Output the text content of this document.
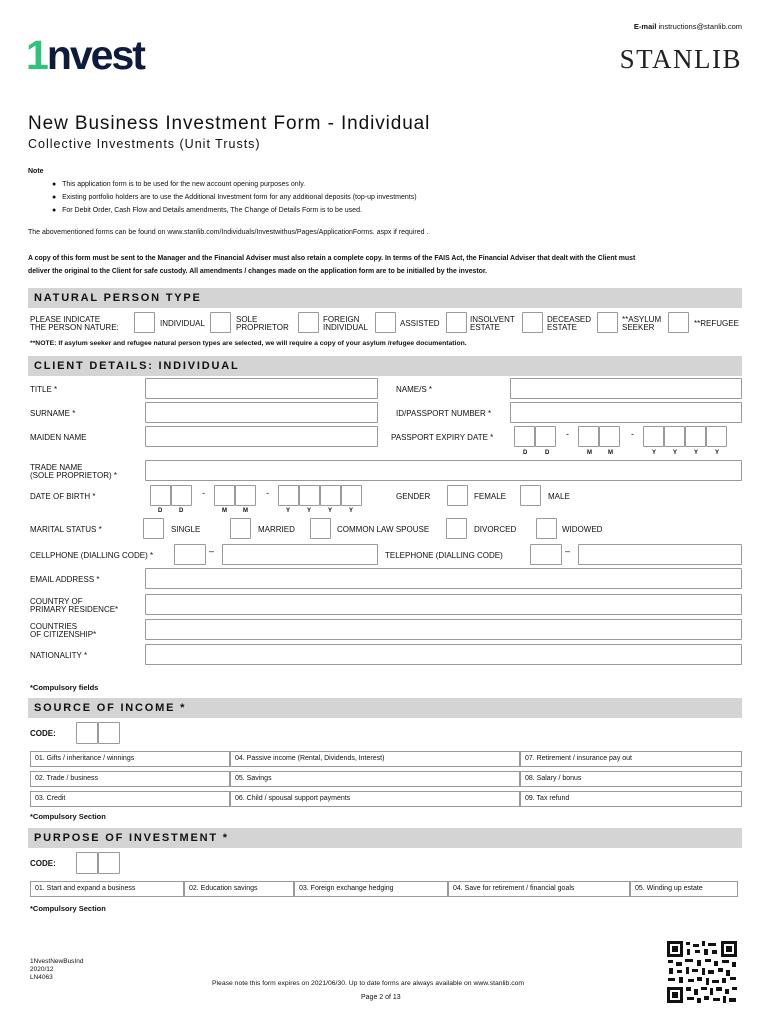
E-mail instructions@stanlib.com
1nvest	STANLIB
New Business Investment Form - Individual
Collective Investments (Unit Trusts)
Note
●   This application form is to be used for the new account opening purposes only.
●   Existing portfolio holders are to use the Additional Investment form for any additional deposits (top-up investments)
●   For Debit Order, Cash Flow and Details amendments, The Change of Details Form is to be used.
The abovementioned forms can be found on www.stanlib.com/Individuals/Investwithus/Pages/ApplicationForms. aspx if required .
A copy of this form must be sent to the Manager and the Financial Adviser must also retain a complete copy. In terms of the FAIS Act, the Financial Adviser that dealt with the Client must
deliver the original to the Client for safe custody. All amendments / changes made on the application form are to be initialled by the investor.
NATURAL PERSON TYPE
PLEASE INDICATE
THE PERSON NATURE:	INDIVIDUAL	SOLE
PROPRIETOR
FOREIGN
INDIVIDUAL	ASSISTED	INSOLVENT
ESTATE
DECEASED
ESTATE
**ASYLUM
SEEKER	**REFUGEE
**NOTE: If asylum seeker and refugee natural person types are selected, we will require a copy of your asylum /refugee documentation.
CLIENT DETAILS: INDIVIDUAL
TITLE *	NAME/S *
SURNAME *	ID/PASSPORT NUMBER *
MAIDEN NAME	PASSPORT EXPIRY DATE *	-	-
D	D	M	M	Y	Y	Y	Y
TRADE NAME
(SOLE PROPRIETOR) *
DATE OF BIRTH *	-	-
D	D	M	M	Y	Y	Y	Y
GENDER	FEMALE	MALE
MARITAL STATUS *	SINGLE	MARRIED	COMMON LAW SPOUSE	DIVORCED	WIDOWED
CELLPHONE (DIALLING CODE) *	–	TELEPHONE (DIALLING CODE)	–
EMAIL ADDRESS *
COUNTRY OF
PRIMARY RESIDENCE*
COUNTRIES
OF CITIZENSHIP*
NATIONALITY *
*Compulsory fields
SOURCE OF INCOME *
CODE:
01. Gifts / inheritance / winnings	04. Passive income (Rental, Dividends, Interest)	07. Retirement / insurance pay out
02. Trade / business	05. Savings	08. Salary / bonus
03. Credit	06. Child / spousal support payments	09. Tax refund
*Compulsory Section
PURPOSE OF INVESTMENT *
CODE:
01. Start and expand a business	02. Education savings	03. Foreign exchange hedging	04. Save for retirement / financial goals	05. Winding up estate
*Compulsory Section
1NvestNewBusInd
2020/12
LN4063
Please note this form expires on 2021/06/30. Up to date forms are always available on www.stanlib.com
Page 2 of 13
